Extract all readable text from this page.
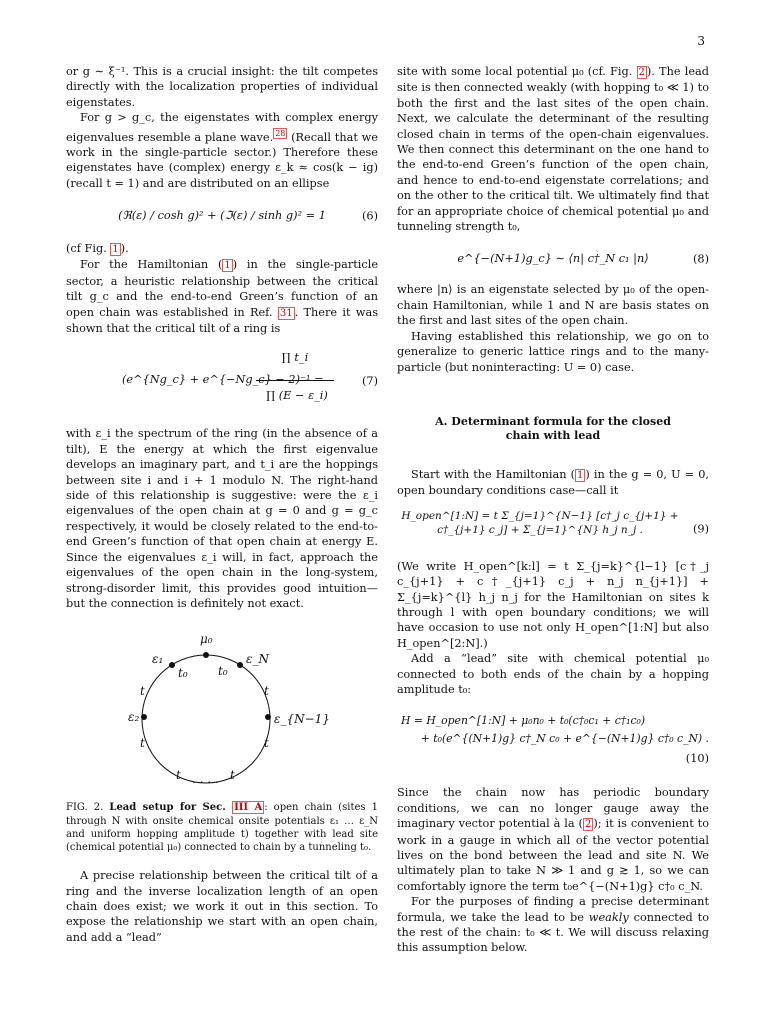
3

or g ∼ ξ⁻¹. This is a crucial insight: the tilt competes directly with the localization properties of individual eigenstates.

For g > g_c, the eigenstates with complex energy eigenvalues resemble a plane wave. $^{28}$ (Recall that we work in the single-particle sector.) Therefore these eigenstates have (complex) energy ε_k ≈ cos(k − ig) (recall t = 1) and are distributed on an ellipse

(ℜ(ε) / cosh g)² + (ℑ(ε) / sinh g)² = 1	(6)

(cf Fig. 1 ).

For the Hamiltonian ( 1 ) in the single-particle sector, a heuristic relationship between the critical tilt g_c and the end-to-end Green’s function of an open chain was established in Ref. 31 . There it was shown that the critical tilt of a ring is

(e^{Ng_c} + e^{−Ng_c} − 2)⁻¹ =
∏ t_i
∏ (E − ε_i)
(7)

with ε_i the spectrum of the ring (in the absence of a tilt), E the energy at which the first eigenvalue develops an imaginary part, and t_i are the hoppings between site i and i + 1 modulo N. The right-hand side of this relationship is suggestive: were the ε_i eigenvalues of the open chain at g = 0 and g = g_c respectively, it would be closely related to the end-to-end Green’s function of that open chain at energy E. Since the eigenvalues ε_i will, in fact, approach the eigenvalues of the open chain in the long-system, strong-disorder limit, this provides good intuition—but the connection is definitely not exact.

μ₀
ε₁	ε_N
t₀	t₀
t	t
ε₂	ε_{N−1}
t	t
t	t
. . . .
FIG. 2. Lead setup for Sec. III A : open chain (sites 1 through N with onsite chemical onsite potentials ε₁ … ε_N and uniform hopping amplitude t) together with lead site (chemical potential μ₀) connected to chain by a tunneling t₀.

A precise relationship between the critical tilt of a ring and the inverse localization length of an open chain does exist; we work it out in this section. To expose the relationship we start with an open chain, and add a “lead”

site with some local potential μ₀ (cf. Fig. 2 ). The lead site is then connected weakly (with hopping t₀ ≪ 1) to both the first and the last sites of the open chain. Next, we calculate the determinant of the resulting closed chain in terms of the open-chain eigenvalues. We then connect this determinant on the one hand to the end-to-end Green’s function of the open chain, and hence to end-to-end eigenstate correlations; and on the other to the critical tilt. We ultimately find that for an appropriate choice of chemical potential μ₀ and tunneling strength t₀,

e^{−(N+1)g_c} ∼ ⟨n| c†_N c₁ |n⟩	(8)

where |n⟩ is an eigenstate selected by μ₀ of the open-chain Hamiltonian, while 1 and N are basis states on the first and last sites of the open chain.

Having established this relationship, we go on to generalize to generic lattice rings and to the many-particle (but noninteracting: U = 0) case.

A. Determinant formula for the closed chain with lead

Start with the Hamiltonian ( 1 ) in the g = 0, U = 0, open boundary conditions case—call it

H_open^[1:N] = t Σ_{j=1}^{N−1} [c†_j c_{j+1} + c†_{j+1} c_j] + Σ_{j=1}^{N} h_j n_j .	(9)

(We write H_open^[k:l] = t Σ_{j=k}^{l−1} [c†_j c_{j+1} + c†_{j+1} c_j + n_j n_{j+1}] + Σ_{j=k}^{l} h_j n_j for the Hamiltonian on sites k through l with open boundary conditions; we will have occasion to use not only H_open^[1:N] but also H_open^[2:N].)

Add a “lead” site with chemical potential μ₀ connected to both ends of the chain by a hopping amplitude t₀:

H = H_open^[1:N] + μ₀n₀ + t₀(c†₀c₁ + c†₁c₀)
+ t₀(e^{(N+1)g} c†_N c₀ + e^{−(N+1)g} c†₀ c_N) .
(10)

Since the chain now has periodic boundary conditions, we can no longer gauge away the imaginary vector potential à la ( 2 ); it is convenient to work in a gauge in which all of the vector potential lives on the bond between the lead and site N. We ultimately plan to take N ≫ 1 and g ≳ 1, so we can comfortably ignore the term t₀e^{−(N+1)g} c†₀ c_N.

For the purposes of finding a precise determinant formula, we take the lead to be weakly connected to the rest of the chain: t₀ ≪ t. We will discuss relaxing this assumption below.
